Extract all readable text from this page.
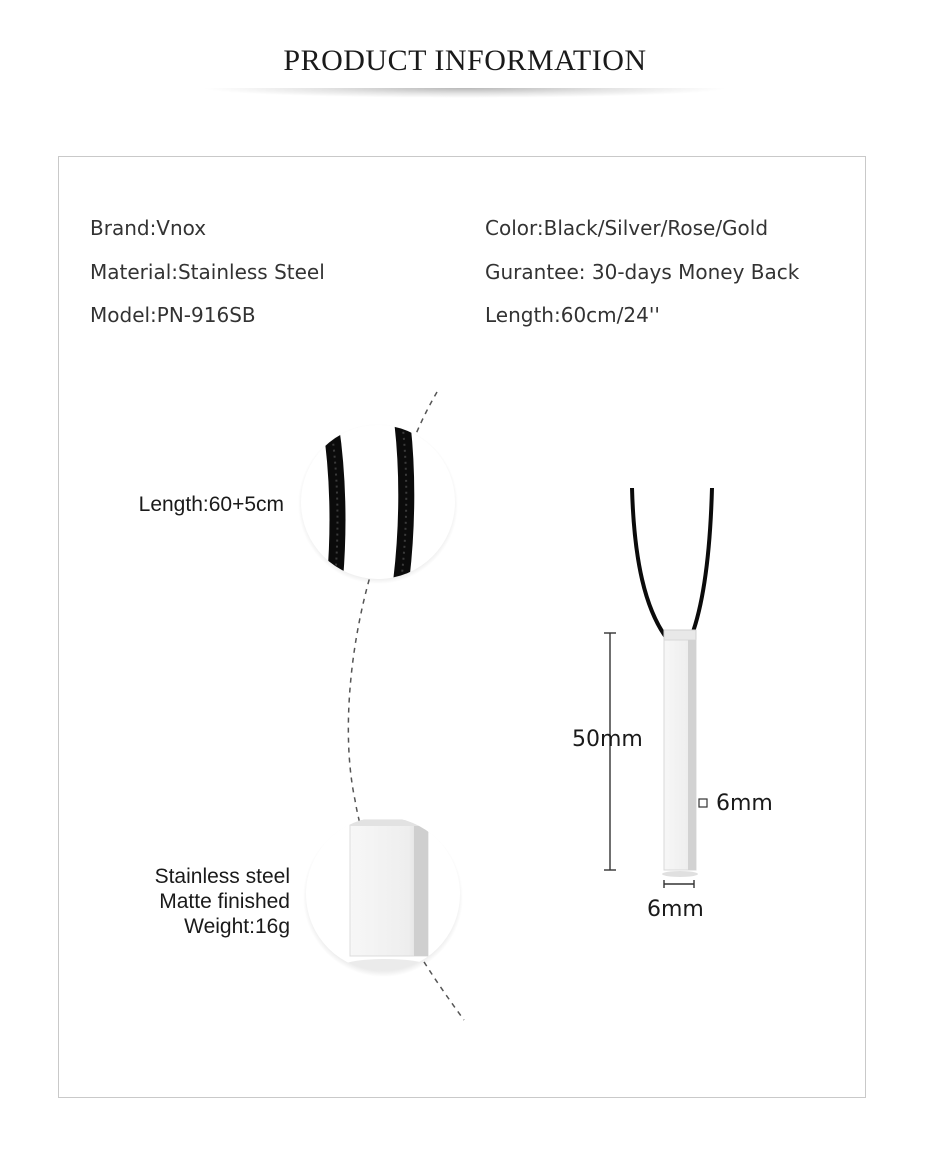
PRODUCT INFORMATION
Brand:Vnox
Material:Stainless Steel
Model:PN-916SB
Color:Black/Silver/Rose/Gold
Gurantee: 30-days Money Back
Length:60cm/24''
Length:60+5cm
Stainless steel
Matte finished
Weight:16g
50mm
6mm
6mm
